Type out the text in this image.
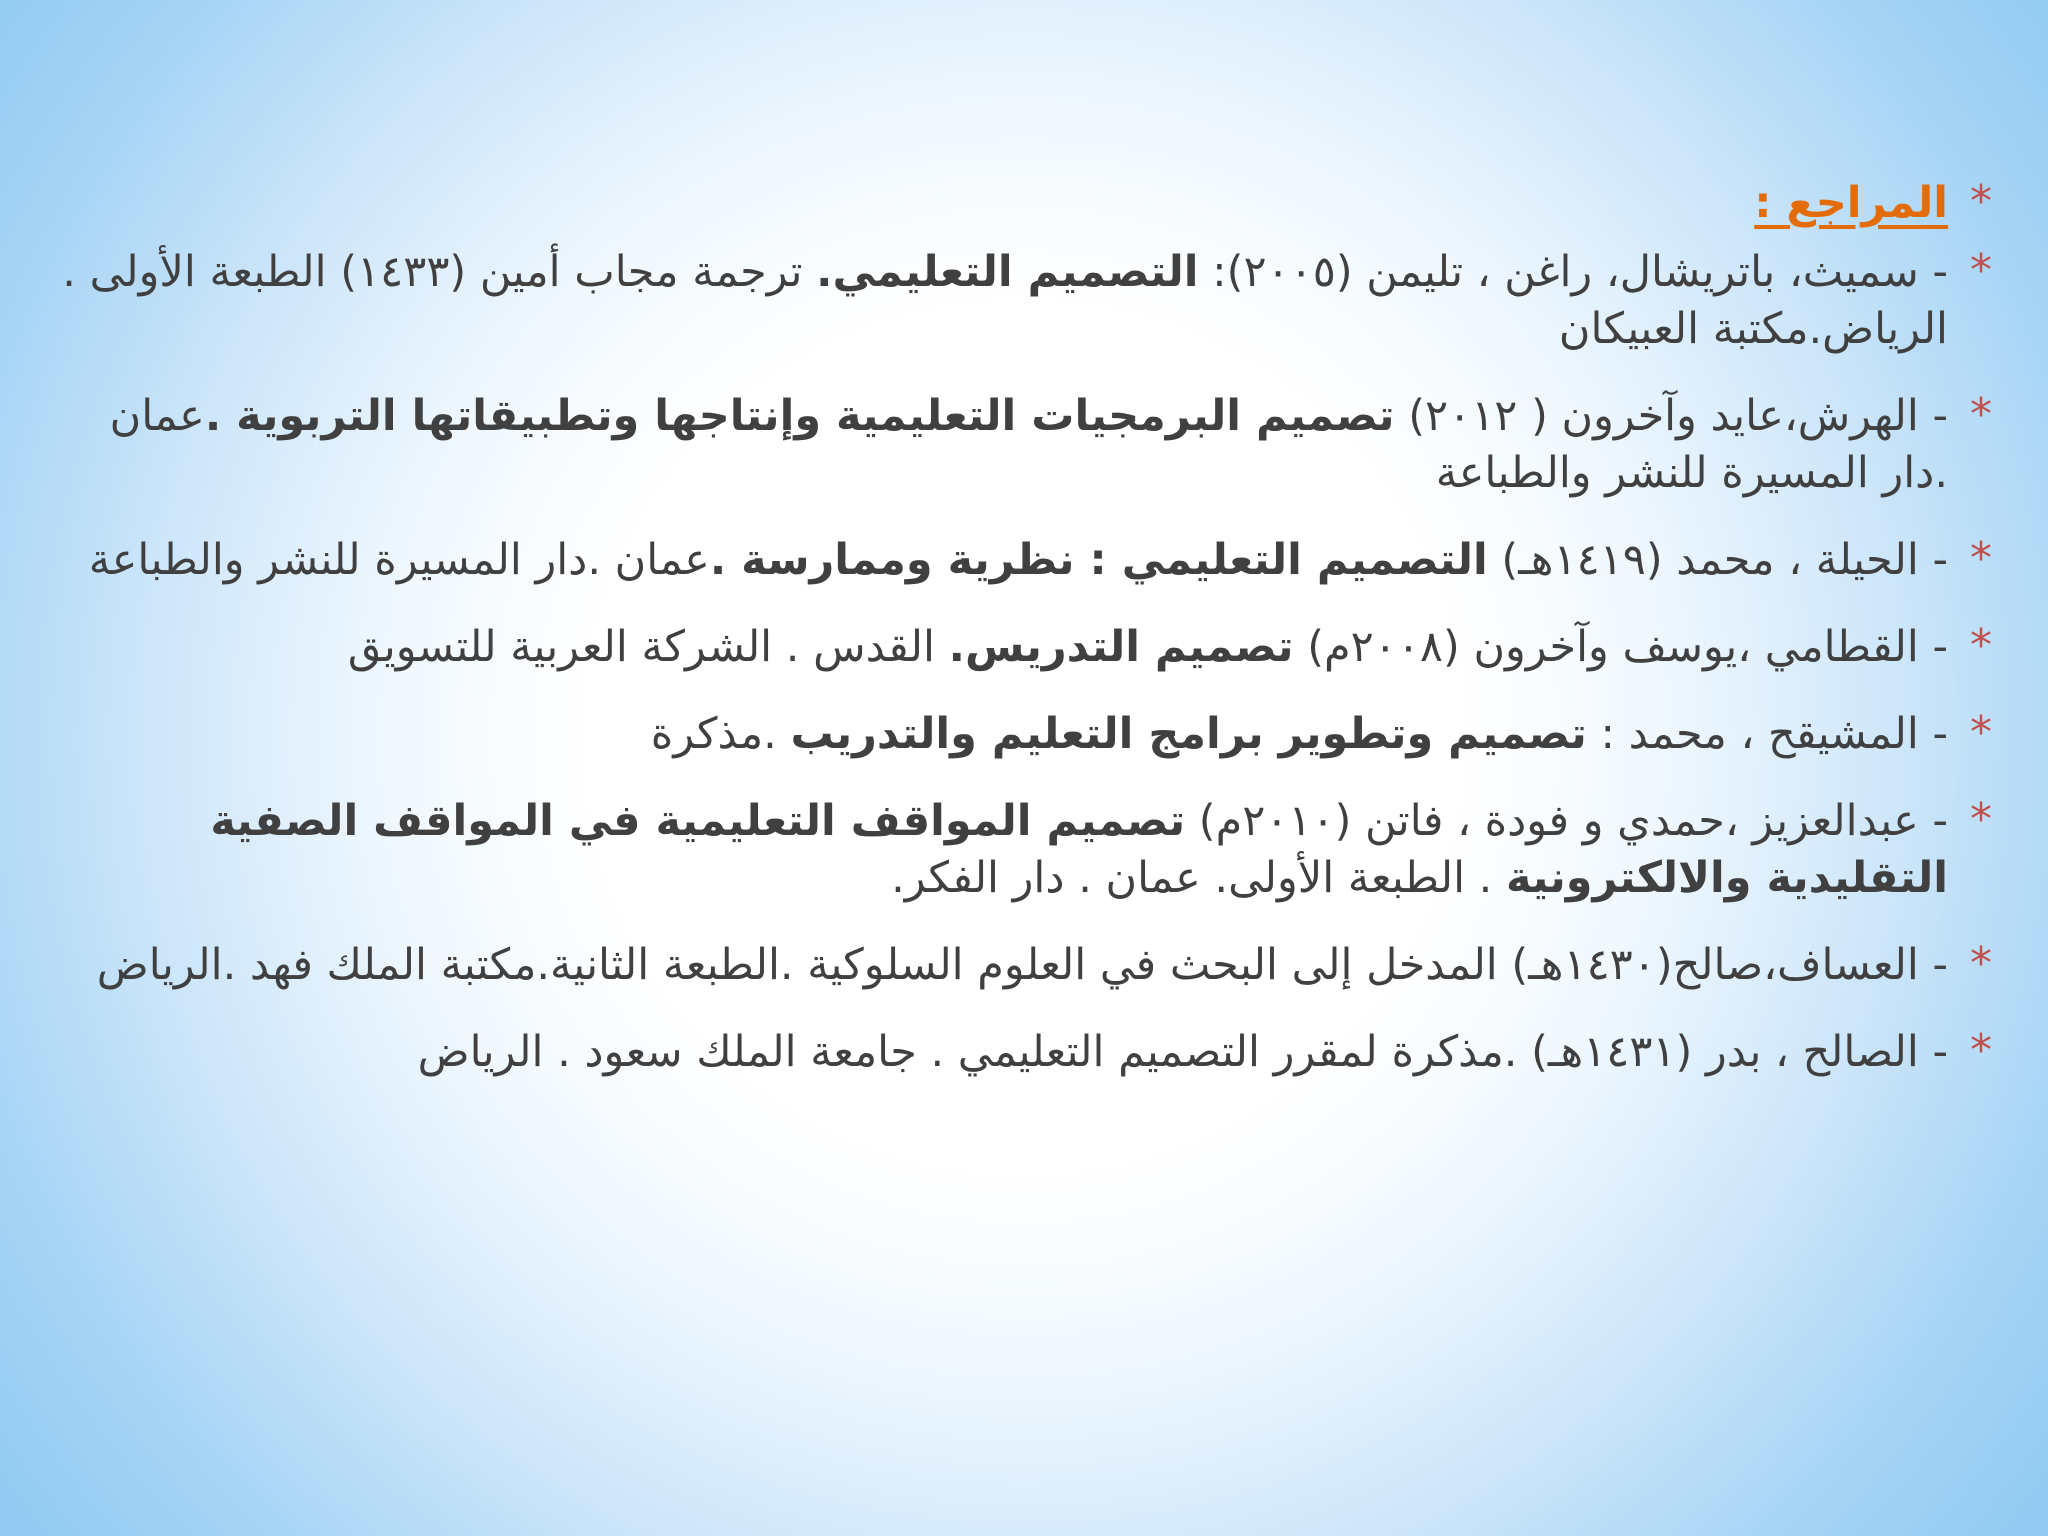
*
المراجع :
*
- سميث، باتريشال، راغن ، تليمن (٢٠٠٥): التصميم التعليمي. ترجمة مجاب أمين (١٤٣٣) الطبعة الأولى . الرياض.مكتبة العبيكان
*
- الهرش،عايد وآخرون ( ٢٠١٢) تصميم البرمجيات التعليمية وإنتاجها وتطبيقاتها التربوية .عمان .دار المسيرة للنشر والطباعة
*
- الحيلة ، محمد (١٤١٩هـ) التصميم التعليمي : نظرية وممارسة .عمان .دار المسيرة للنشر والطباعة
*
- القطامي ،يوسف وآخرون (٢٠٠٨م) تصميم التدريس. القدس . الشركة العربية للتسويق
*
- المشيقح ، محمد : تصميم وتطوير برامج التعليم والتدريب .مذكرة
*
- عبدالعزيز ،حمدي و فودة ، فاتن (٢٠١٠م) تصميم المواقف التعليمية في المواقف الصفية التقليدية والالكترونية . الطبعة الأولى. عمان . دار الفكر.
*
- العساف،صالح(١٤٣٠هـ) المدخل إلى البحث في العلوم السلوكية .الطبعة الثانية.مكتبة الملك فهد .الرياض
*
- الصالح ، بدر (١٤٣١هـ) .مذكرة لمقرر التصميم التعليمي . جامعة الملك سعود . الرياض
